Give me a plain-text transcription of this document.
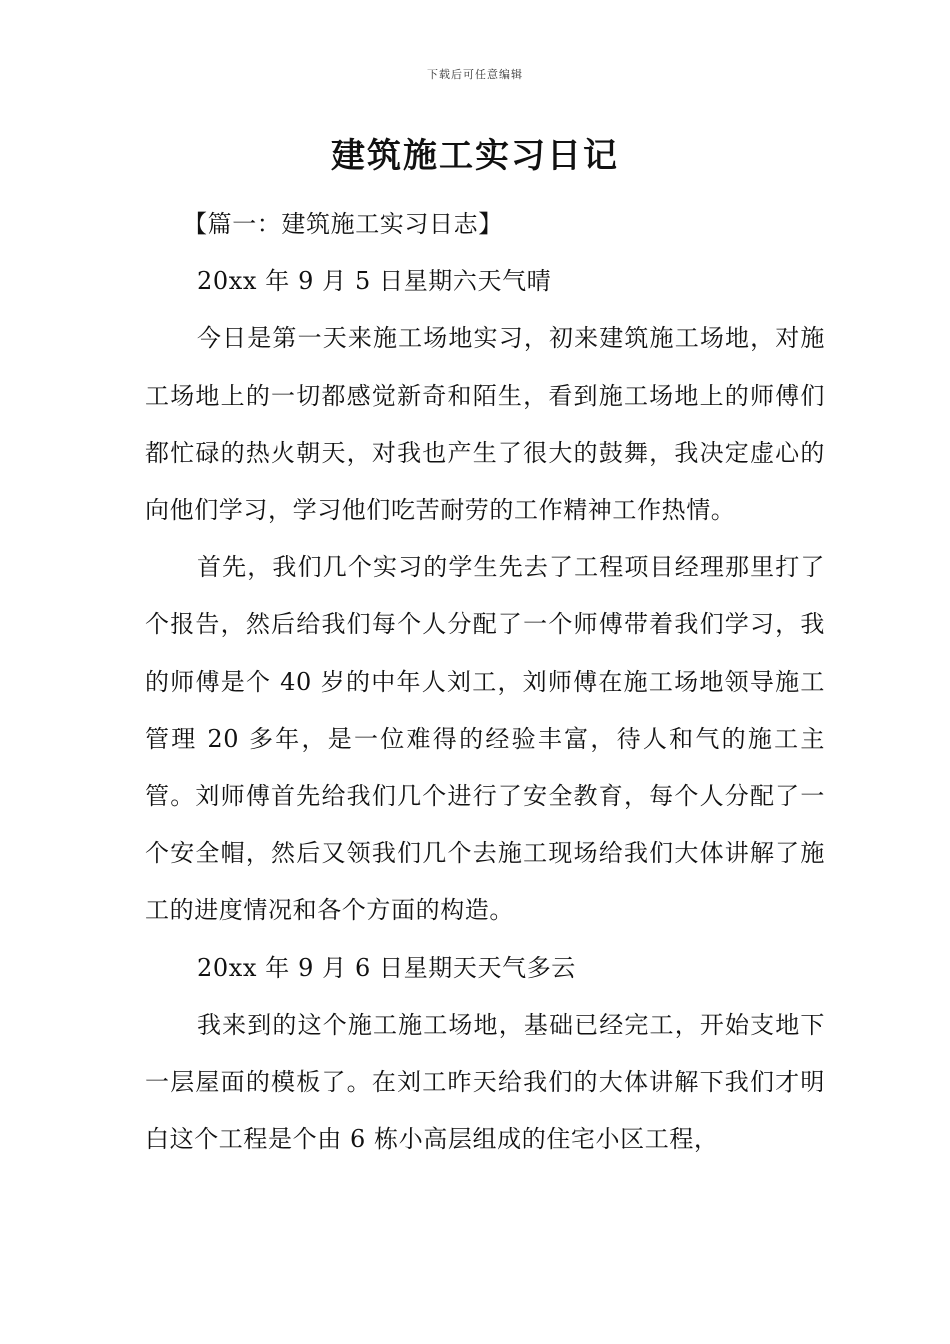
下载后可任意编辑
建筑施工实习日记

【篇一：建筑施工实习日志】

20xx 年 9 月 5 日星期六天气晴

今日是第一天来施工场地实习，初来建筑施工场地，对施工场地上的一切都感觉新奇和陌生，看到施工场地上的师傅们都忙碌的热火朝天，对我也产生了很大的鼓舞，我决定虚心的向他们学习，学习他们吃苦耐劳的工作精神工作热情。

首先，我们几个实习的学生先去了工程项目经理那里打了个报告，然后给我们每个人分配了一个师傅带着我们学习，我的师傅是个 40 岁的中年人刘工，刘师傅在施工场地领导施工管理 20 多年，是一位难得的经验丰富，待人和气的施工主管。刘师傅首先给我们几个进行了安全教育，每个人分配了一个安全帽，然后又领我们几个去施工现场给我们大体讲解了施工的进度情况和各个方面的构造。

20xx 年 9 月 6 日星期天天气多云

我来到的这个施工施工场地，基础已经完工，开始支地下一层屋面的模板了。在刘工昨天给我们的大体讲解下我们才明白这个工程是个由 6 栋小高层组成的住宅小区工程，
